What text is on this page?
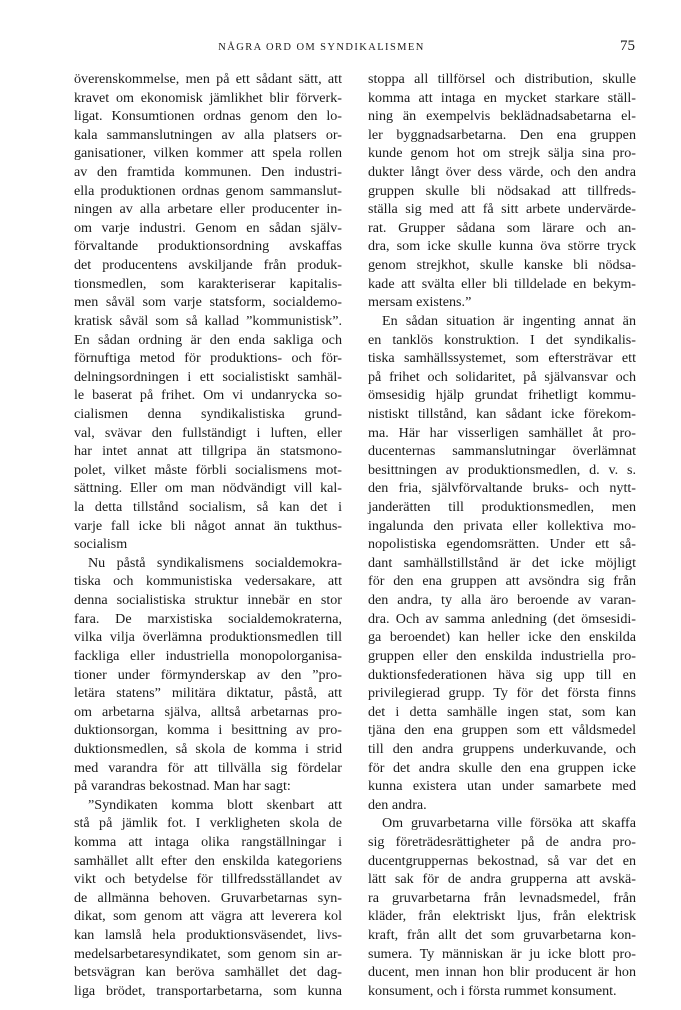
NÅGRA ORD OM SYNDIKALISMEN	75
överenskommelse, men på ett sådant sätt, att
kravet om ekonomisk jämlikhet blir förverk-
ligat. Konsumtionen ordnas genom den lo-
kala sammanslutningen av alla platsers or-
ganisationer, vilken kommer att spela rollen
av den framtida kommunen. Den industri-
ella produktionen ordnas genom sammanslut-
ningen av alla arbetare eller producenter in-
om varje industri. Genom en sådan själv-
förvaltande produktionsordning avskaffas
det producentens avskiljande från produk-
tionsmedlen, som karakteriserar kapitalis-
men såväl som varje statsform, socialdemo-
kratisk såväl som så kallad ”kommunistisk”.
En sådan ordning är den enda sakliga och
förnuftiga metod för produktions- och för-
delningsordningen i ett socialistiskt samhäl-
le baserat på frihet. Om vi undanrycka so-
cialismen denna syndikalistiska grund-
val, svävar den fullständigt i luften, eller
har intet annat att tillgripa än statsmono-
polet, vilket måste förbli socialismens mot-
sättning. Eller om man nödvändigt vill kal-
la detta tillstånd socialism, så kan det i
varje fall icke bli något annat än tukthus-
socialism
Nu påstå syndikalismens socialdemokra-
tiska och kommunistiska vedersakare, att
denna socialistiska struktur innebär en stor
fara. De marxistiska socialdemokraterna,
vilka vilja överlämna produktionsmedlen till
fackliga eller industriella monopolorganisa-
tioner under förmynderskap av den ”pro-
letära statens” militära diktatur, påstå, att
om arbetarna själva, alltså arbetarnas pro-
duktionsorgan, komma i besittning av pro-
duktionsmedlen, så skola de komma i strid
med varandra för att tillvälla sig fördelar
på varandras bekostnad. Man har sagt:
”Syndikaten komma blott skenbart att
stå på jämlik fot. I verkligheten skola de
komma att intaga olika rangställningar i
samhället allt efter den enskilda kategoriens
vikt och betydelse för tillfredsställandet av
de allmänna behoven. Gruvarbetarnas syn-
dikat, som genom att vägra att leverera kol
kan lamslå hela produktionsväsendet, livs-
medelsarbetaresyndikatet, som genom sin ar-
betsvägran kan beröva samhället det dag-
liga brödet, transportarbetarna, som kunna
stoppa all tillförsel och distribution, skulle
komma att intaga en mycket starkare ställ-
ning än exempelvis beklädnadsabetarna el-
ler byggnadsarbetarna. Den ena gruppen
kunde genom hot om strejk sälja sina pro-
dukter långt över dess värde, och den andra
gruppen skulle bli nödsakad att tillfreds-
ställa sig med att få sitt arbete undervärde-
rat. Grupper sådana som lärare och an-
dra, som icke skulle kunna öva större tryck
genom strejkhot, skulle kanske bli nödsa-
kade att svälta eller bli tilldelade en bekym-
mersam existens.”
En sådan situation är ingenting annat än
en tanklös konstruktion. I det syndikalis-
tiska samhällssystemet, som eftersträvar ett
på frihet och solidaritet, på självansvar och
ömsesidig hjälp grundat frihetligt kommu-
nistiskt tillstånd, kan sådant icke förekom-
ma. Här har visserligen samhället åt pro-
ducenternas sammanslutningar överlämnat
besittningen av produktionsmedlen, d. v. s.
den fria, självförvaltande bruks- och nytt-
janderätten till produktionsmedlen, men
ingalunda den privata eller kollektiva mo-
nopolistiska egendomsrätten. Under ett så-
dant samhällstillstånd är det icke möjligt
för den ena gruppen att avsöndra sig från
den andra, ty alla äro beroende av varan-
dra. Och av samma anledning (det ömsesidi-
ga beroendet) kan heller icke den enskilda
gruppen eller den enskilda industriella pro-
duktionsfederationen häva sig upp till en
privilegierad grupp. Ty för det första finns
det i detta samhälle ingen stat, som kan
tjäna den ena gruppen som ett våldsmedel
till den andra gruppens underkuvande, och
för det andra skulle den ena gruppen icke
kunna existera utan under samarbete med
den andra.
Om gruvarbetarna ville försöka att skaffa
sig företrädesrättigheter på de andra pro-
ducentgruppernas bekostnad, så var det en
lätt sak för de andra grupperna att avskä-
ra gruvarbetarna från levnadsmedel, från
kläder, från elektriskt ljus, från elektrisk
kraft, från allt det som gruvarbetarna kon-
sumera. Ty människan är ju icke blott pro-
ducent, men innan hon blir producent är hon
konsument, och i första rummet konsument.
